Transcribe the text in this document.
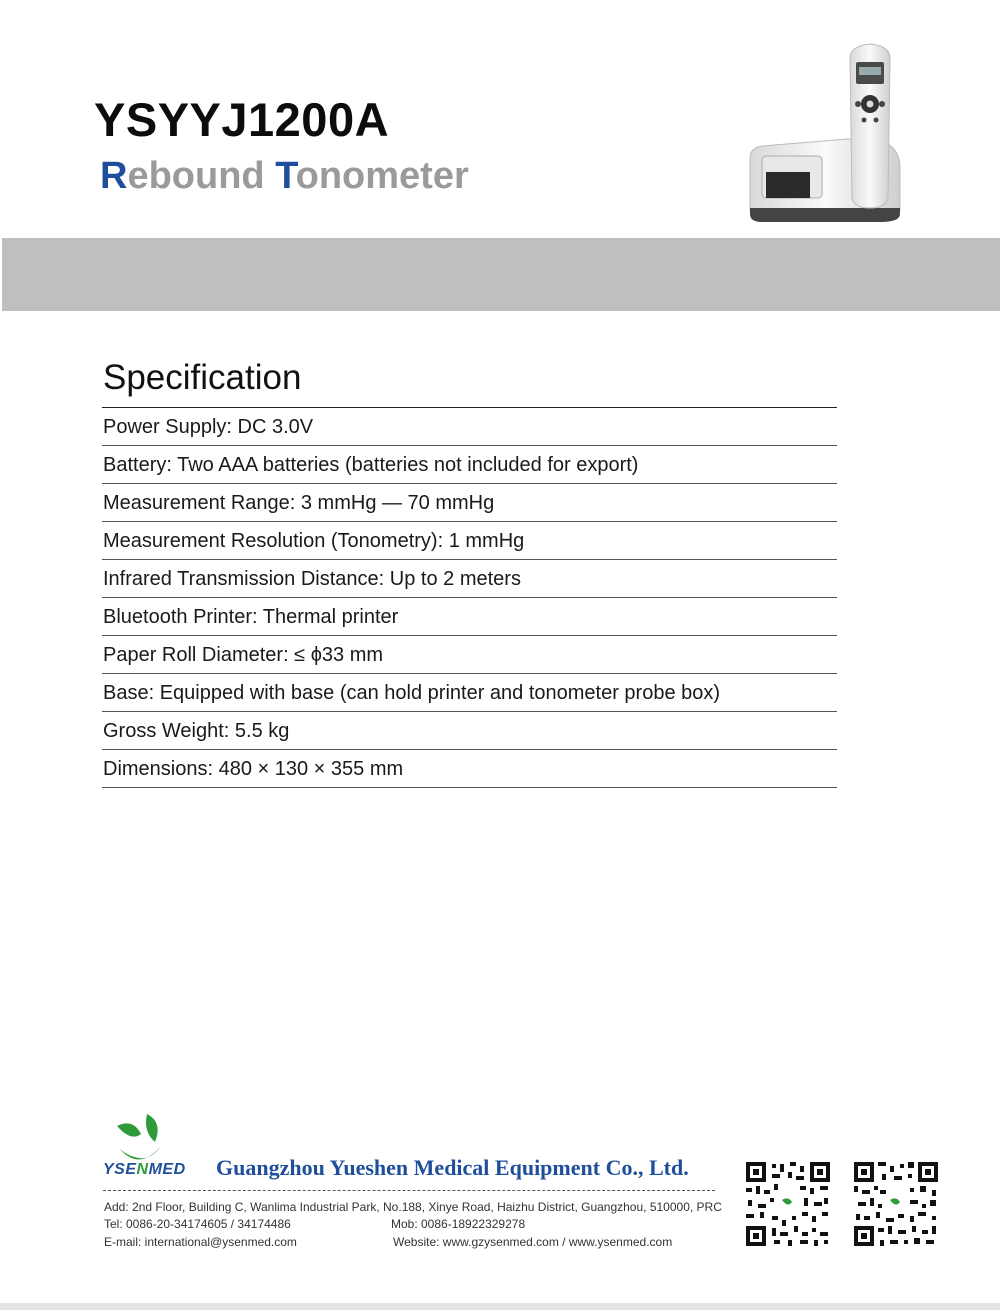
YSYYJ1200A
Rebound Tonometer
Specification
Power Supply: DC 3.0V
Battery: Two AAA batteries (batteries not included for export)
Measurement Range: 3 mmHg — 70 mmHg
Measurement Resolution (Tonometry): 1 mmHg
Infrared Transmission Distance: Up to 2 meters
Bluetooth Printer: Thermal printer
Paper Roll Diameter: ≤ ϕ33 mm
Base: Equipped with base (can hold printer and tonometer probe box)
Gross Weight: 5.5 kg
Dimensions: 480 × 130 × 355 mm
YSENMED Guangzhou Yueshen Medical Equipment Co., Ltd.
Add: 2nd Floor, Building C, Wanlima Industrial Park, No.188, Xinye Road, Haizhu District, Guangzhou, 510000, PRC
Tel: 0086-20-34174605 / 34174486	Mob: 0086-18922329278
E-mail: international@ysenmed.com	Website: www.gzysenmed.com / www.ysenmed.com
